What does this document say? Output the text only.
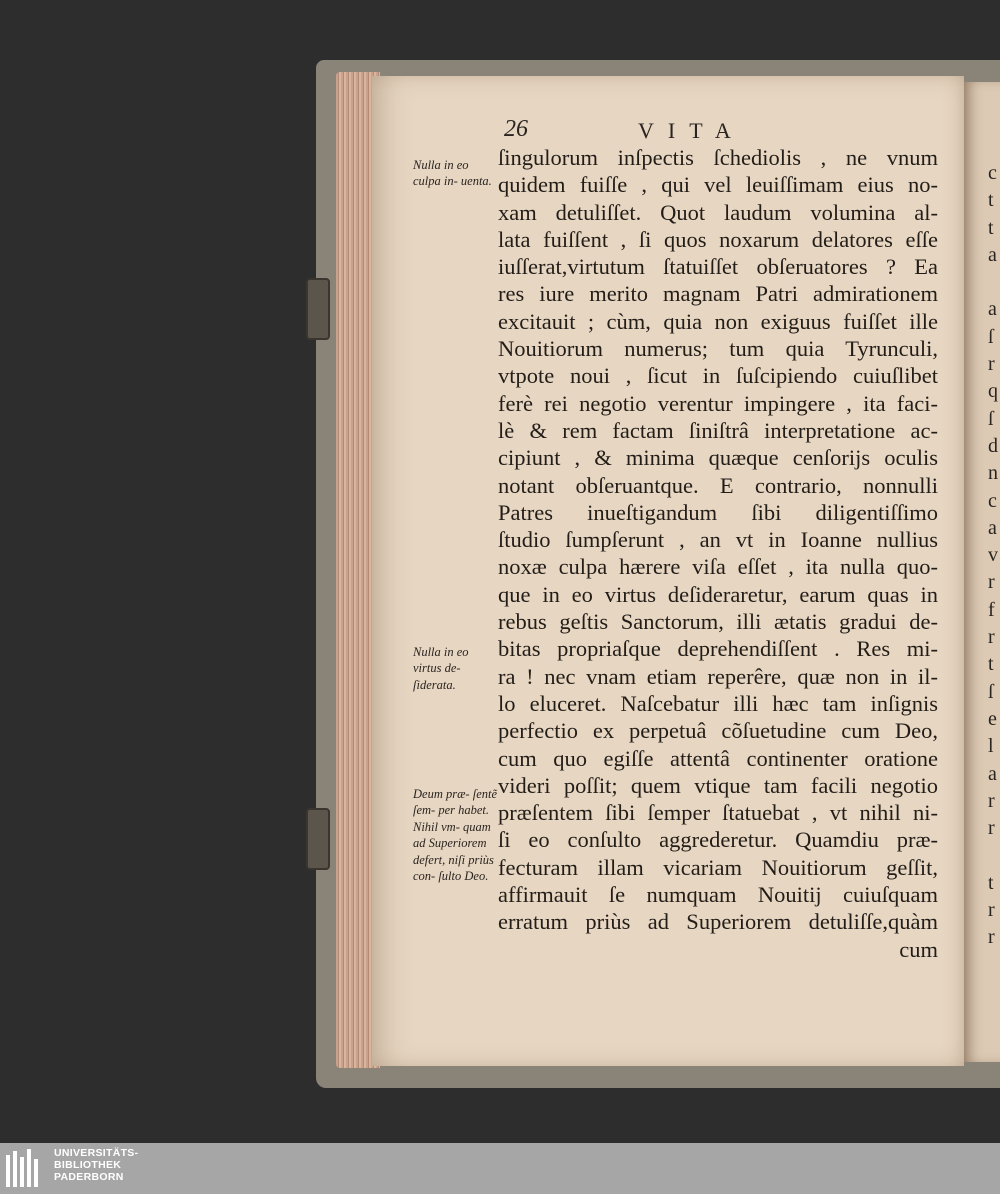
26	VITA
ſingulorum inſpectis ſchediolis , ne vnum
quidem fuiſſe , qui vel leuiſſimam eius no-
xam detuliſſet. Quot laudum volumina al-
lata fuiſſent , ſi quos noxarum delatores eſſe
iuſſerat,virtutum ſtatuiſſet obſeruatores ? Ea
res iure merito magnam Patri admirationem
excitauit ; cùm, quia non exiguus fuiſſet ille
Nouitiorum numerus; tum quia Tyrunculi,
vtpote noui , ſicut in ſuſcipiendo cuiuſlibet
ferè rei negotio verentur impingere , ita faci-
lè & rem factam ſiniſtrâ interpretatione ac-
cipiunt , & minima quæque cenſorijs oculis
notant obſeruantque. E contrario, nonnulli
Patres inueſtigandum ſibi diligentiſſimo
ſtudio ſumpſerunt , an vt in Ioanne nullius
noxæ culpa hærere viſa eſſet , ita nulla quo-
que in eo virtus deſideraretur, earum quas in
rebus geſtis Sanctorum, illi ætatis gradui de-
bitas propriaſque deprehendiſſent . Res mi-
ra ! nec vnam etiam reperêre, quæ non in il-
lo eluceret. Naſcebatur illi hæc tam inſignis
perfectio ex perpetuâ cõſuetudine cum Deo,
cum quo egiſſe attentâ continenter oratione
videri poſſit; quem vtique tam facili negotio
præſentem ſibi ſemper ſtatuebat , vt nihil ni-
ſi eo conſulto aggrederetur. Quamdiu præ-
fecturam illam vicariam Nouitiorum geſſit,
affirmauit ſe numquam Nouitij cuiuſquam
erratum priùs ad Superiorem detuliſſe,quàm
cum
Nulla in eo culpa in- uenta.
Nulla in eo virtus de- ſiderata.
Deum præ- ſentẽ ſem- per habet. Nihil vm- quam ad Superiorem defert, niſi priùs con- ſulto Deo.
c
t
t
a
a
ſ
r
q
ſ
d
n
c
a
v
r
f
r
t
ſ
e
l
a
r
r
t
r
r
UNIVERSITÄTS-
BIBLIOTHEK
PADERBORN
